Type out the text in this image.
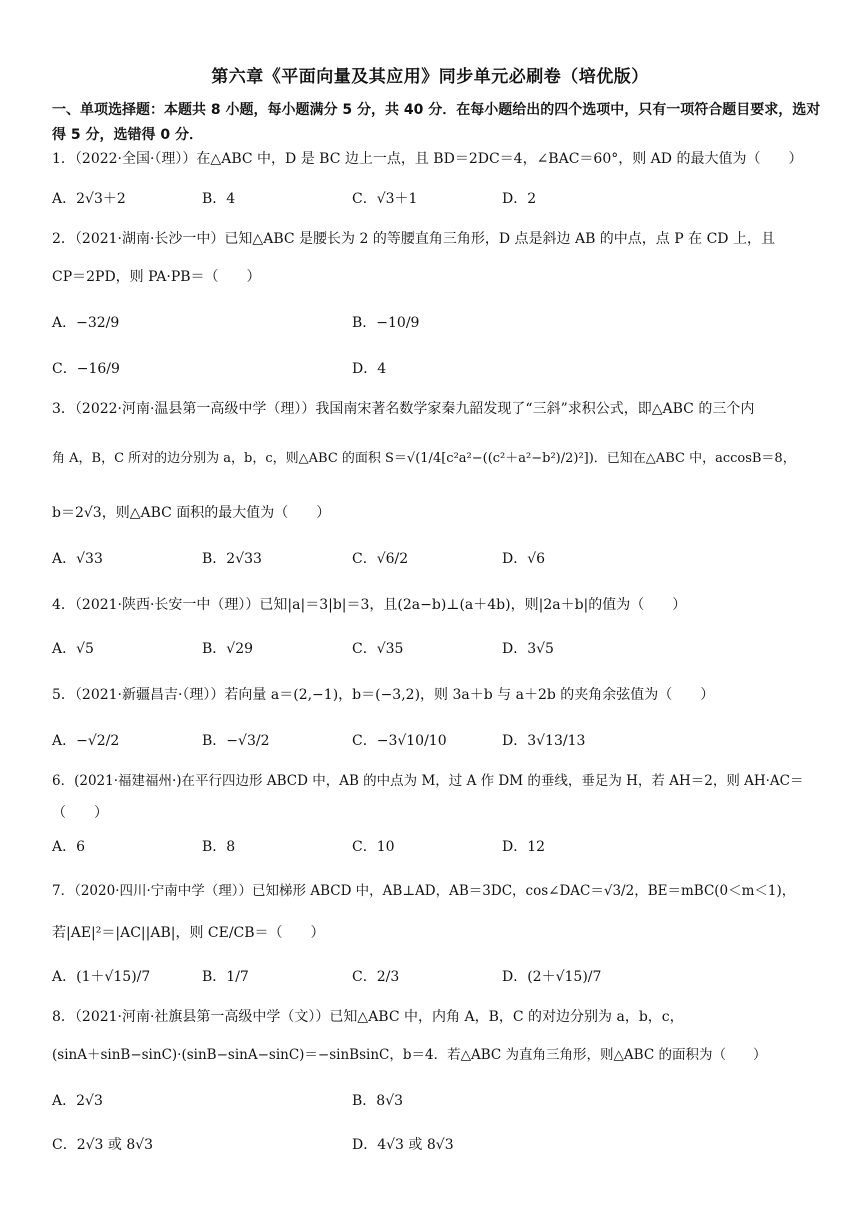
第六章《平面向量及其应用》同步单元必刷卷（培优版）
一、单项选择题：本题共 8 小题，每小题满分 5 分，共 40 分．在每小题给出的四个选项中，只有一项符合题目要求，选对得 5 分，选错得 0 分．
1．（2022·全国·（理））在△ABC 中，D 是 BC 边上一点，且 BD＝2DC＝4，∠BAC＝60°，则 AD 的最大值为（　　）
A．2√3＋2	B．4	C．√3＋1	D．2
2．（2021·湖南·长沙一中）已知△ABC 是腰长为 2 的等腰直角三角形，D 点是斜边 AB 的中点，点 P 在 CD 上，且
CP＝2PD，则 PA·PB＝（　　）
A．−32/9	B．−10/9
C．−16/9	D．4
3．（2022·河南·温县第一高级中学（理））我国南宋著名数学家秦九韶发现了“三斜”求积公式，即△ABC 的三个内
角 A，B，C 所对的边分别为 a，b，c，则△ABC 的面积 S＝√(1/4[c²a²−((c²＋a²−b²)/2)²])．已知在△ABC 中，accosB＝8，
b＝2√3，则△ABC 面积的最大值为（　　）
A．√33	B．2√33	C．√6/2	D．√6
4．（2021·陕西·长安一中（理））已知|a|＝3|b|＝3，且(2a−b)⊥(a＋4b)，则|2a＋b|的值为（　　）
A．√5	B．√29	C．√35	D．3√5
5．（2021·新疆昌吉·（理））若向量 a＝(2,−1)，b＝(−3,2)，则 3a＋b 与 a＋2b 的夹角余弦值为（　　）
A．−√2/2	B．−√3/2	C．−3√10/10	D．3√13/13
6．(2021·福建福州·)在平行四边形 ABCD 中，AB 的中点为 M，过 A 作 DM 的垂线，垂足为 H，若 AH＝2，则 AH·AC＝
（　　）
A．6	B．8	C．10	D．12
7．（2020·四川·宁南中学（理））已知梯形 ABCD 中，AB⊥AD，AB＝3DC，cos∠DAC＝√3/2，BE＝mBC(0＜m＜1)，
若|AE|²＝|AC||AB|，则 CE/CB＝（　　）
A．(1＋√15)/7	B．1/7	C．2/3	D．(2＋√15)/7
8．（2021·河南·社旗县第一高级中学（文））已知△ABC 中，内角 A，B，C 的对边分别为 a，b，c，
(sinA＋sinB−sinC)·(sinB−sinA−sinC)＝−sinBsinC，b＝4．若△ABC 为直角三角形，则△ABC 的面积为（　　）
A．2√3	B．8√3
C．2√3 或 8√3	D．4√3 或 8√3
